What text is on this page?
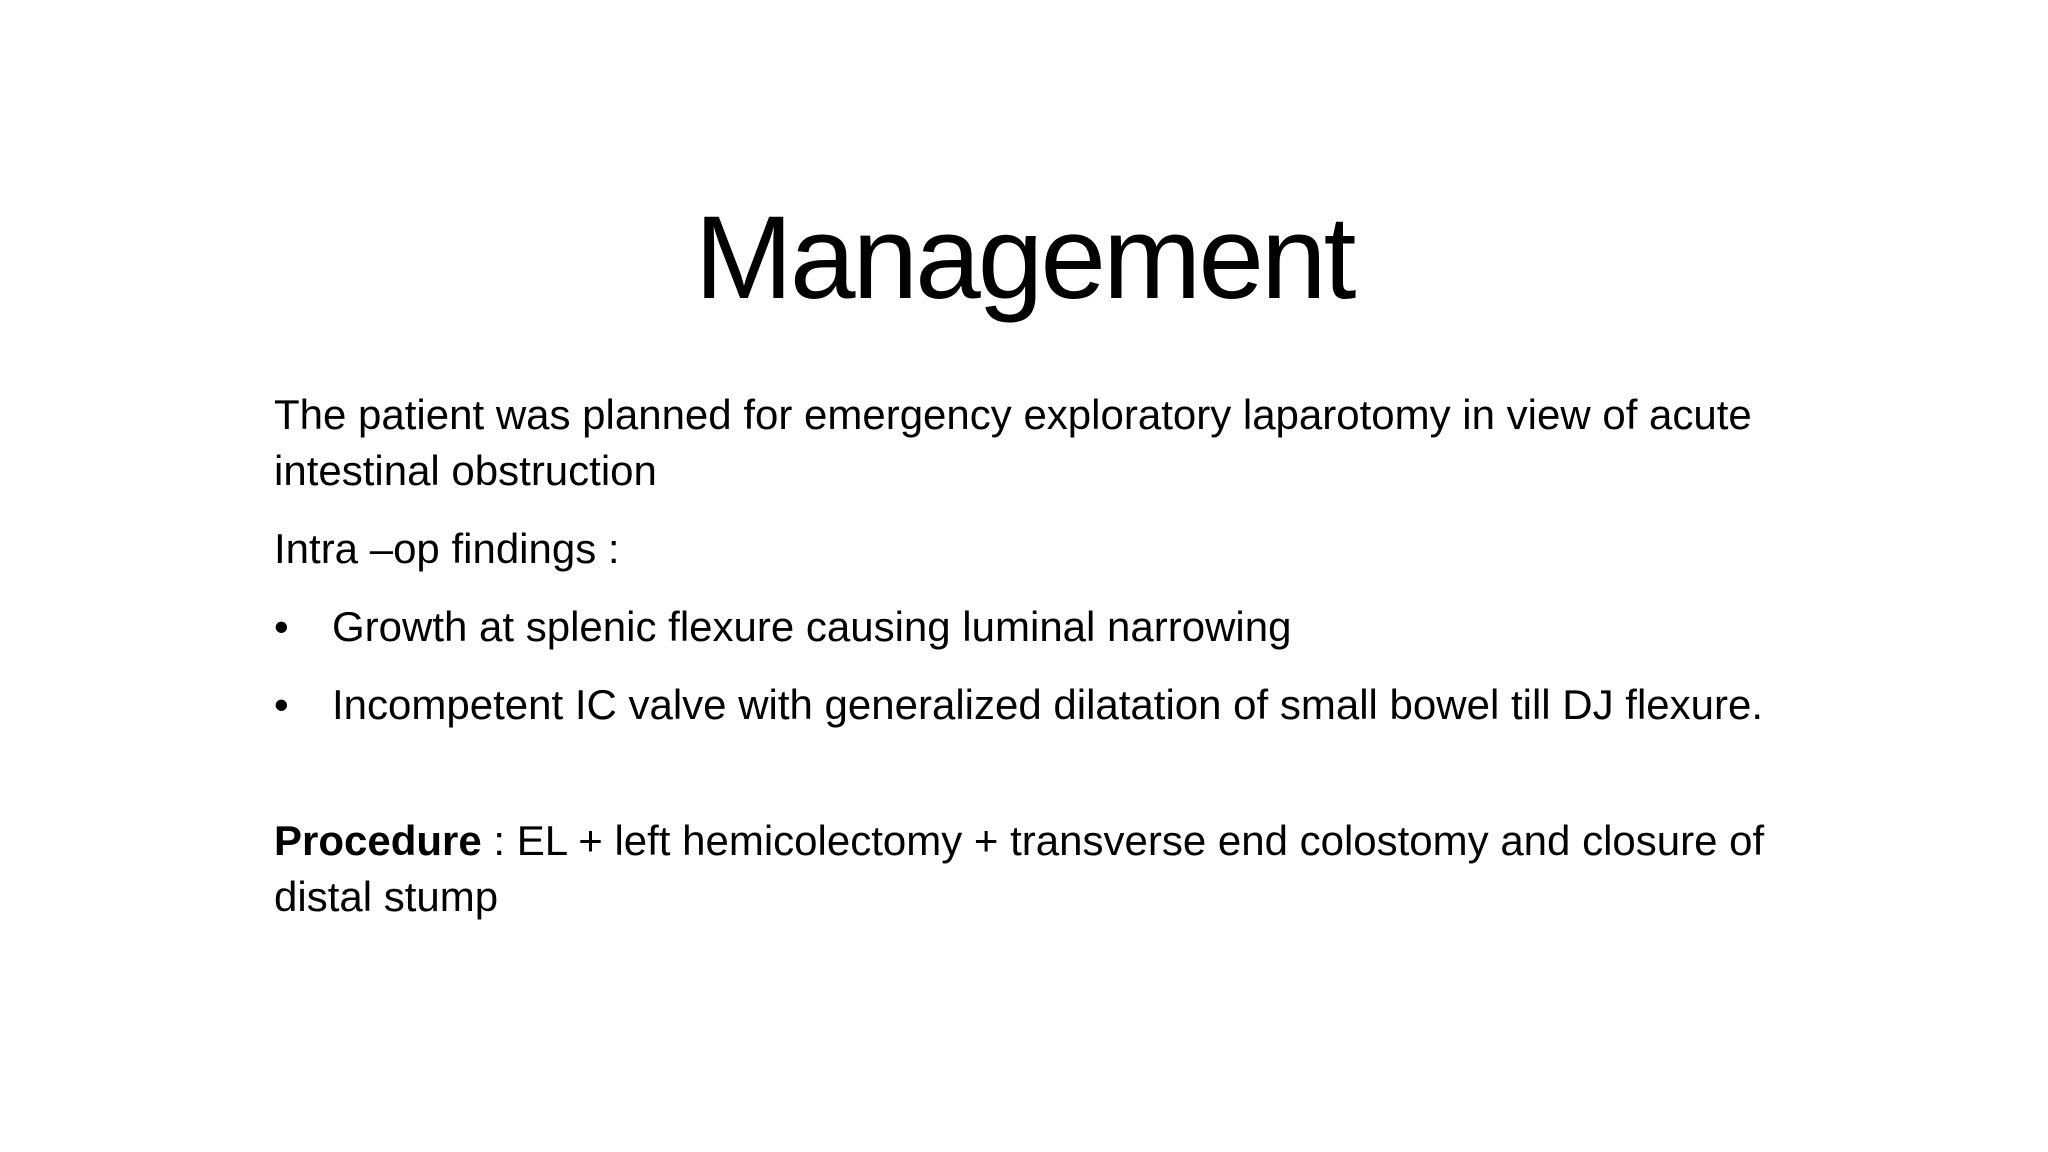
Management

The patient was planned for emergency exploratory laparotomy in view of acute intestinal obstruction

Intra –op findings :

•	Growth at splenic flexure causing luminal narrowing
•	Incompetent IC valve with generalized dilatation of small bowel till DJ flexure.

Procedure : EL + left hemicolectomy + transverse end colostomy and closure of distal stump
